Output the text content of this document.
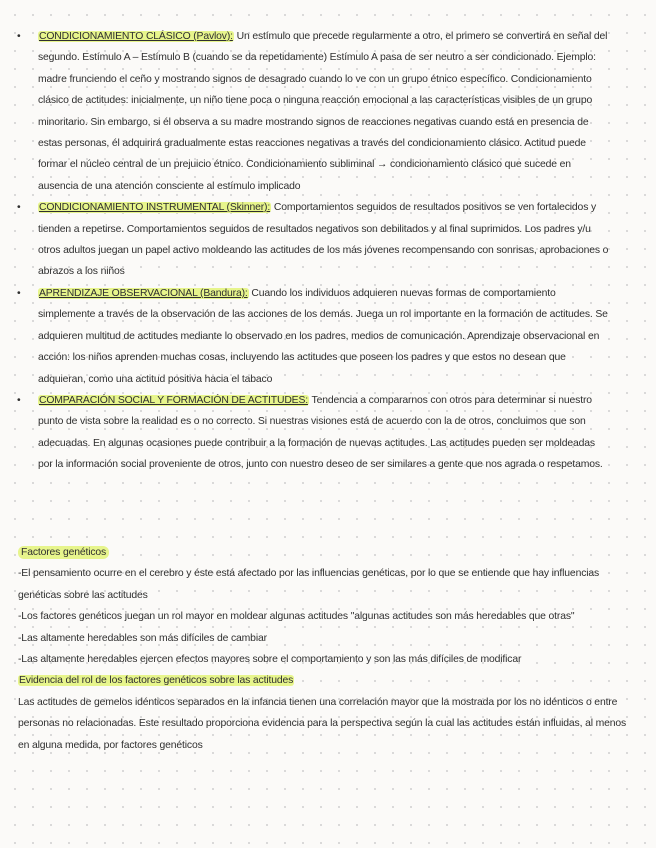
• CONDICIONAMIENTO CLÁSICO (Pavlov): Un estímulo que precede regularmente a otro, el primero se convertirá en señal del segundo. Estímulo A – Estímulo B (cuando se da repetidamente) Estímulo A pasa de ser neutro a ser condicionado. Ejemplo: madre frunciendo el ceño y mostrando signos de desagrado cuando lo ve con un grupo étnico específico. Condicionamiento clásico de actitudes: inicialmente, un niño tiene poca o ninguna reacción emocional a las características visibles de un grupo minoritario. Sin embargo, si él observa a su madre mostrando signos de reacciones negativas cuando está en presencia de estas personas, él adquirirá gradualmente estas reacciones negativas a través del condicionamiento clásico. Actitud puede formar el núcleo central de un prejuicio étnico. Condicionamiento subliminal → condicionamiento clásico que sucede en ausencia de una atención consciente al estímulo implicado
• CONDICIONAMIENTO INSTRUMENTAL (Skinner): Comportamientos seguidos de resultados positivos se ven fortalecidos y tienden a repetirse. Comportamientos seguidos de resultados negativos son debilitados y al final suprimidos. Los padres y/u otros adultos juegan un papel activo moldeando las actitudes de los más jóvenes recompensando con sonrisas, aprobaciones o abrazos a los niños
• APRENDIZAJE OBSERVACIONAL (Bandura): Cuando los individuos adquieren nuevas formas de comportamiento simplemente a través de la observación de las acciones de los demás. Juega un rol importante en la formación de actitudes. Se adquieren multitud de actitudes mediante lo observado en los padres, medios de comunicación. Aprendizaje observacional en acción: los niños aprenden muchas cosas, incluyendo las actitudes que poseen los padres y que estos no desean que adquieran, como una actitud positiva hacia el tabaco
• COMPARACIÓN SOCIAL Y FORMACIÓN DE ACTITUDES: Tendencia a compararnos con otros para determinar si nuestro punto de vista sobre la realidad es o no correcto. Si nuestras visiones está de acuerdo con la de otros, concluimos que son adecuadas. En algunas ocasiones puede contribuir a la formación de nuevas actitudes. Las actitudes pueden ser moldeadas por la información social proveniente de otros, junto con nuestro deseo de ser similares a gente que nos agrada o respetamos.

Factores genéticos

-El pensamiento ocurre en el cerebro y éste está afectado por las influencias genéticas, por lo que se entiende que hay influencias genéticas sobre las actitudes

-Los factores genéticos juegan un rol mayor en moldear algunas actitudes "algunas actitudes son más heredables que otras"

-Las altamente heredables son más difíciles de cambiar

-Las altamente heredables ejercen efectos mayores sobre el comportamiento y son las más difíciles de modificar

Evidencia del rol de los factores genéticos sobre las actitudes

Las actitudes de gemelos idénticos separados en la infancia tienen una correlación mayor que la mostrada por los no idénticos o entre personas no relacionadas. Este resultado proporciona evidencia para la perspectiva según la cual las actitudes están influidas, al menos en alguna medida, por factores genéticos
